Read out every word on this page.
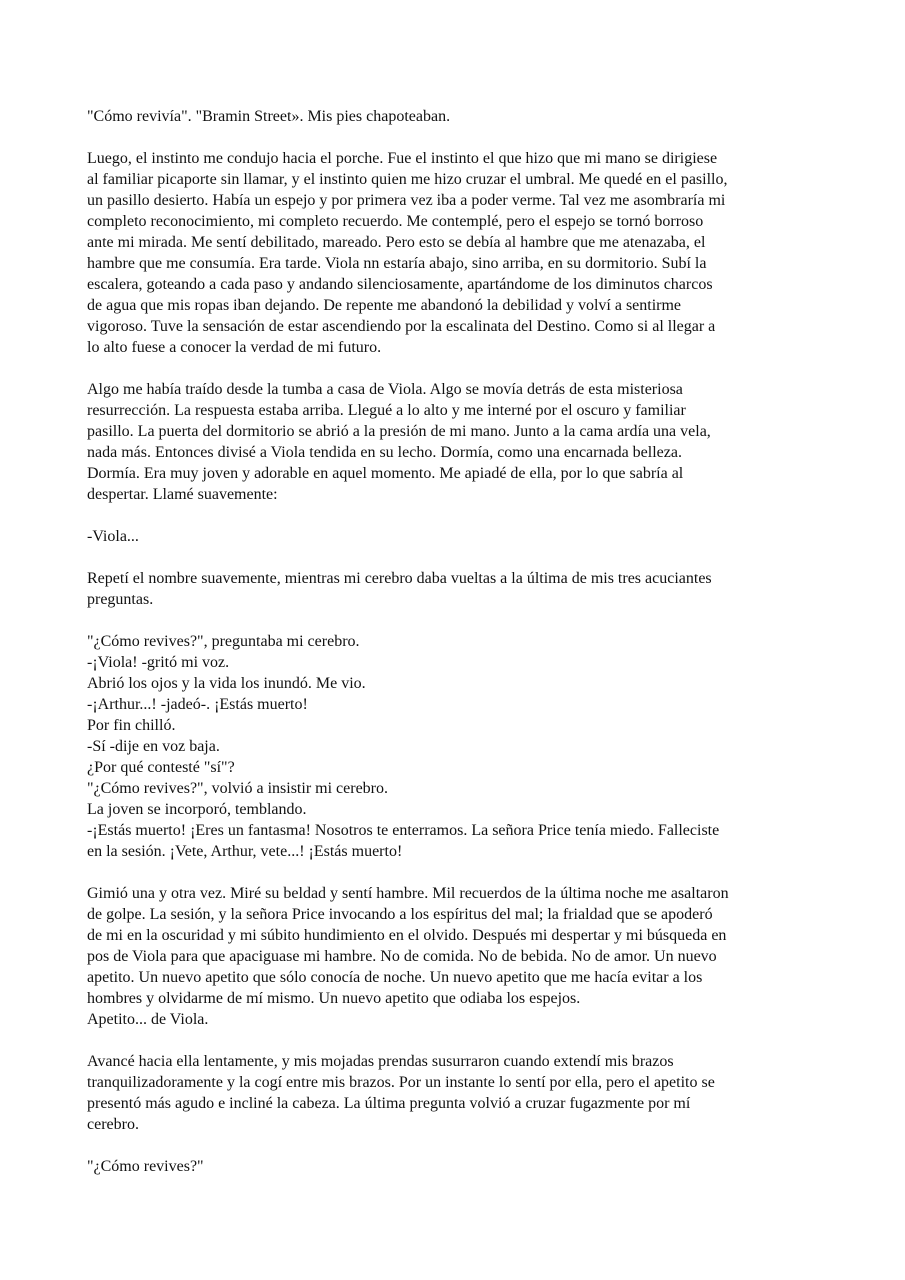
"Cómo revivía". "Bramin Street». Mis pies chapoteaban.

Luego, el instinto me condujo hacia el porche. Fue el instinto el que hizo que mi mano se dirigiese
al familiar picaporte sin llamar, y el instinto quien me hizo cruzar el umbral. Me quedé en el pasillo,
un pasillo desierto. Había un espejo y por primera vez iba a poder verme. Tal vez me asombraría mi
completo reconocimiento, mi completo recuerdo. Me contemplé, pero el espejo se tornó borroso
ante mi mirada. Me sentí debilitado, mareado. Pero esto se debía al hambre que me atenazaba, el
hambre que me consumía. Era tarde. Viola nn estaría abajo, sino arriba, en su dormitorio. Subí la
escalera, goteando a cada paso y andando silenciosamente, apartándome de los diminutos charcos
de agua que mis ropas iban dejando. De repente me abandonó la debilidad y volví a sentirme
vigoroso. Tuve la sensación de estar ascendiendo por la escalinata del Destino. Como si al llegar a
lo alto fuese a conocer la verdad de mi futuro.

Algo me había traído desde la tumba a casa de Viola. Algo se movía detrás de esta misteriosa
resurrección. La respuesta estaba arriba. Llegué a lo alto y me interné por el oscuro y familiar
pasillo. La puerta del dormitorio se abrió a la presión de mi mano. Junto a la cama ardía una vela,
nada más. Entonces divisé a Viola tendida en su lecho. Dormía, como una encarnada belleza.
Dormía. Era muy joven y adorable en aquel momento. Me apiadé de ella, por lo que sabría al
despertar. Llamé suavemente:

-Viola...

Repetí el nombre suavemente, mientras mi cerebro daba vueltas a la última de mis tres acuciantes
preguntas.

"¿Cómo revives?", preguntaba mi cerebro.
-¡Viola! -gritó mi voz.
Abrió los ojos y la vida los inundó. Me vio.
-¡Arthur...! -jadeó-. ¡Estás muerto!
Por fin chilló.
-Sí -dije en voz baja.
¿Por qué contesté "sí"?
"¿Cómo revives?", volvió a insistir mi cerebro.
La joven se incorporó, temblando.
-¡Estás muerto! ¡Eres un fantasma! Nosotros te enterramos. La señora Price tenía miedo. Falleciste
en la sesión. ¡Vete, Arthur, vete...! ¡Estás muerto!

Gimió una y otra vez. Miré su beldad y sentí hambre. Mil recuerdos de la última noche me asaltaron
de golpe. La sesión, y la señora Price invocando a los espíritus del mal; la frialdad que se apoderó
de mi en la oscuridad y mi súbito hundimiento en el olvido. Después mi despertar y mi búsqueda en
pos de Viola para que apaciguase mi hambre. No de comida. No de bebida. No de amor. Un nuevo
apetito. Un nuevo apetito que sólo conocía de noche. Un nuevo apetito que me hacía evitar a los
hombres y olvidarme de mí mismo. Un nuevo apetito que odiaba los espejos.
Apetito... de Viola.

Avancé hacia ella lentamente, y mis mojadas prendas susurraron cuando extendí mis brazos
tranquilizadoramente y la cogí entre mis brazos. Por un instante lo sentí por ella, pero el apetito se
presentó más agudo e incliné la cabeza. La última pregunta volvió a cruzar fugazmente por mí
cerebro.

"¿Cómo revives?"
